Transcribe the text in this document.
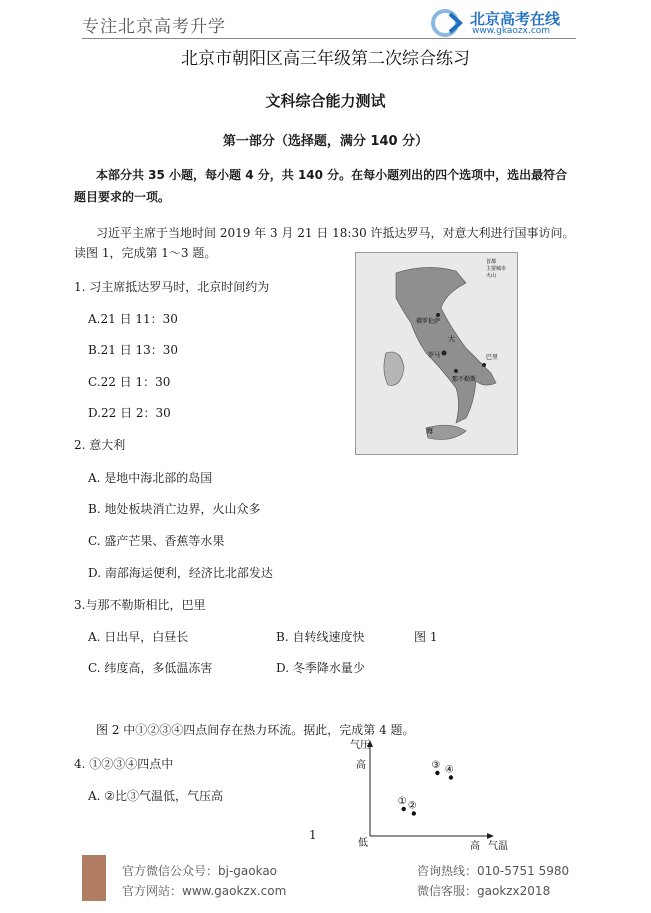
专注北京高考升学	北京高考在线
www.gkaozx.com
北京市朝阳区高三年级第二次综合练习
文科综合能力测试
第一部分（选择题，满分 140 分）
本部分共 35 小题，每小题 4 分，共 140 分。在每小题列出的四个选项中，选出最符合
题目要求的一项。
习近平主席于当地时间 2019 年 3 月 21 日 18:30 许抵达罗马，对意大利进行国事访问。
读图 1，完成第 1～3 题。
1. 习主席抵达罗马时，北京时间约为
A.21 日 11：30
B.21 日 13：30
C.22 日 1：30
D.22 日 2：30
佛罗伦萨
罗马
那不勒斯
巴里
大
海
首都
主要城市
火山
2. 意大利
A. 是地中海北部的岛国
B. 地处板块消亡边界，火山众多
C. 盛产芒果、香蕉等水果
D. 南部海运便利，经济比北部发达
3.与那不勒斯相比，巴里
A. 日出早，白昼长	B. 自转线速度快	图 1
C. 纬度高，多低温冻害	D. 冬季降水量少
图 2 中①②③④四点间存在热力环流。据此，完成第 4 题。
4. ①②③④四点中
A. ②比③气温低，气压高
气压
高
低	高 气温
① ②
③ ④
1
官方微信公众号：bj-gaokao
官方网站：www.gaokzx.com
咨询热线：010-5751 5980
微信客服：gaokzx2018
